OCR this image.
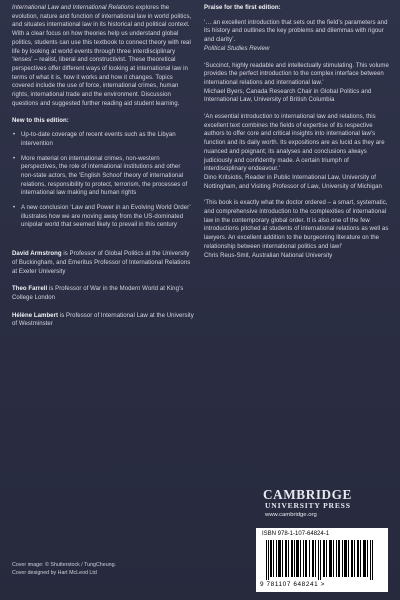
International Law and International Relations explores the evolution, nature and function of international law in world politics, and situates international law in its historical and political context. With a clear focus on how theories help us understand global politics, students can use this textbook to connect theory with real life by looking at world events through three interdisciplinary ‘lenses’ – realist, liberal and constructivist. These theoretical perspectives offer different ways of looking at international law in terms of what it is, how it works and how it changes. Topics covered include the use of force, international crimes, human rights, international trade and the environment. Discussion questions and suggested further reading aid student learning.

New to this edition:

• Up-to-date coverage of recent events such as the Libyan intervention
• More material on international crimes, non-western perspectives, the role of international institutions and other non-state actors, the ‘English School’ theory of international relations, responsibility to protect, terrorism, the processes of international law making and human rights
• A new conclusion ‘Law and Power in an Evolving World Order’ illustrates how we are moving away from the US-dominated unipolar world that seemed likely to prevail in this century

David Armstrong is Professor of Global Politics at the University of Buckingham, and Emeritus Professor of International Relations at Exeter University

Theo Farrell is Professor of War in the Modern World at King’s College London

Hélène Lambert is Professor of International Law at the University of Westminster

Cover image: © Shutterstock / TungCheung.
Cover designed by Hart McLeod Ltd

Praise for the first edition:

‘… an excellent introduction that sets out the field’s parameters and its history and outlines the key problems and dilemmas with rigour and clarity’.
Political Studies Review
‘Succinct, highly readable and intellectually stimulating. This volume provides the perfect introduction to the complex interface between international relations and international law.’
Michael Byers, Canada Research Chair in Global Politics and International Law, University of British Columbia
‘An essential introduction to international law and relations, this excellent text combines the fields of expertise of its respective authors to offer core and critical insights into international law’s function and its daily worth. Its expositions are as lucid as they are nuanced and poignant; its analyses and conclusions always judiciously and confidently made. A certain triumph of interdisciplinary endeavour.’
Dino Kritsiotis, Reader in Public International Law, University of Nottingham, and Visiting Professor of Law, University of Michigan
‘This book is exactly what the doctor ordered – a smart, systematic, and comprehensive introduction to the complexities of international law in the contemporary global order. It is also one of the few introductions pitched at students of international relations as well as lawyers. An excellent addition to the burgeoning literature on the relationship between international politics and law!’
Chris Reus-Smit, Australian National University
CAMBRIDGE
UNIVERSITY PRESS
www.cambridge.org
ISBN 978-1-107-64824-1
9 781107 648241 >
